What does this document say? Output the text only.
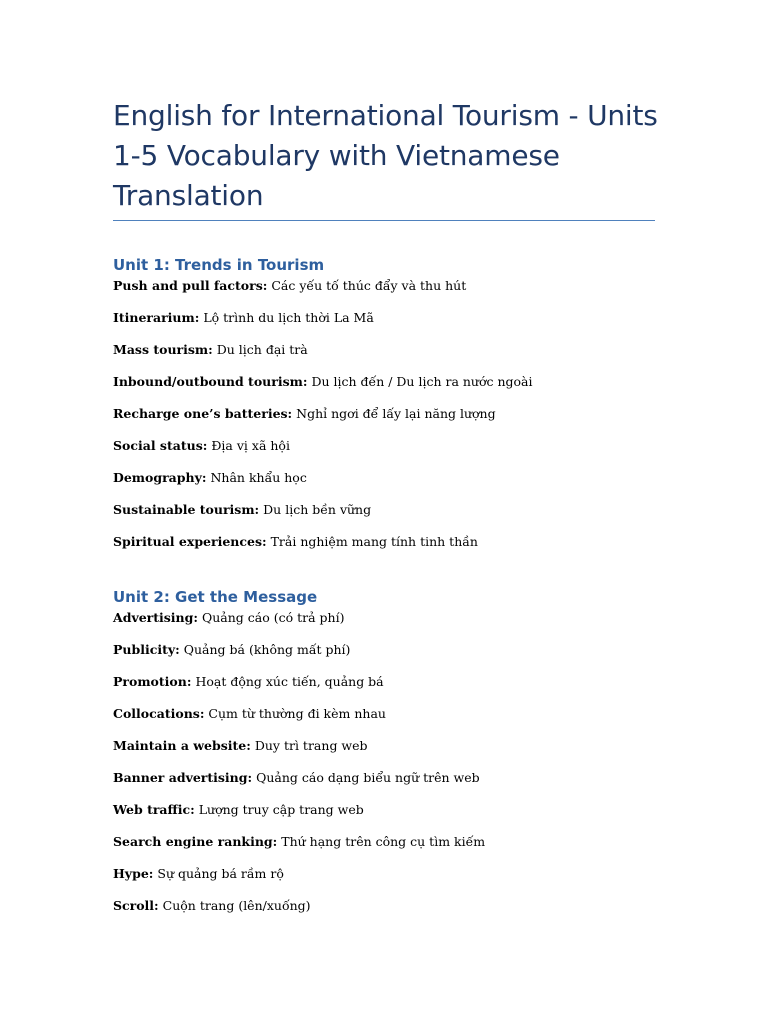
English for International Tourism - Units 1-5 Vocabulary with Vietnamese Translation
Unit 1: Trends in Tourism
Push and pull factors: Các yếu tố thúc đẩy và thu hút
Itinerarium: Lộ trình du lịch thời La Mã
Mass tourism: Du lịch đại trà
Inbound/outbound tourism: Du lịch đến / Du lịch ra nước ngoài
Recharge one’s batteries: Nghỉ ngơi để lấy lại năng lượng
Social status: Địa vị xã hội
Demography: Nhân khẩu học
Sustainable tourism: Du lịch bền vững
Spiritual experiences: Trải nghiệm mang tính tinh thần
Unit 2: Get the Message
Advertising: Quảng cáo (có trả phí)
Publicity: Quảng bá (không mất phí)
Promotion: Hoạt động xúc tiến, quảng bá
Collocations: Cụm từ thường đi kèm nhau
Maintain a website: Duy trì trang web
Banner advertising: Quảng cáo dạng biểu ngữ trên web
Web traffic: Lượng truy cập trang web
Search engine ranking: Thứ hạng trên công cụ tìm kiếm
Hype: Sự quảng bá rầm rộ
Scroll: Cuộn trang (lên/xuống)
